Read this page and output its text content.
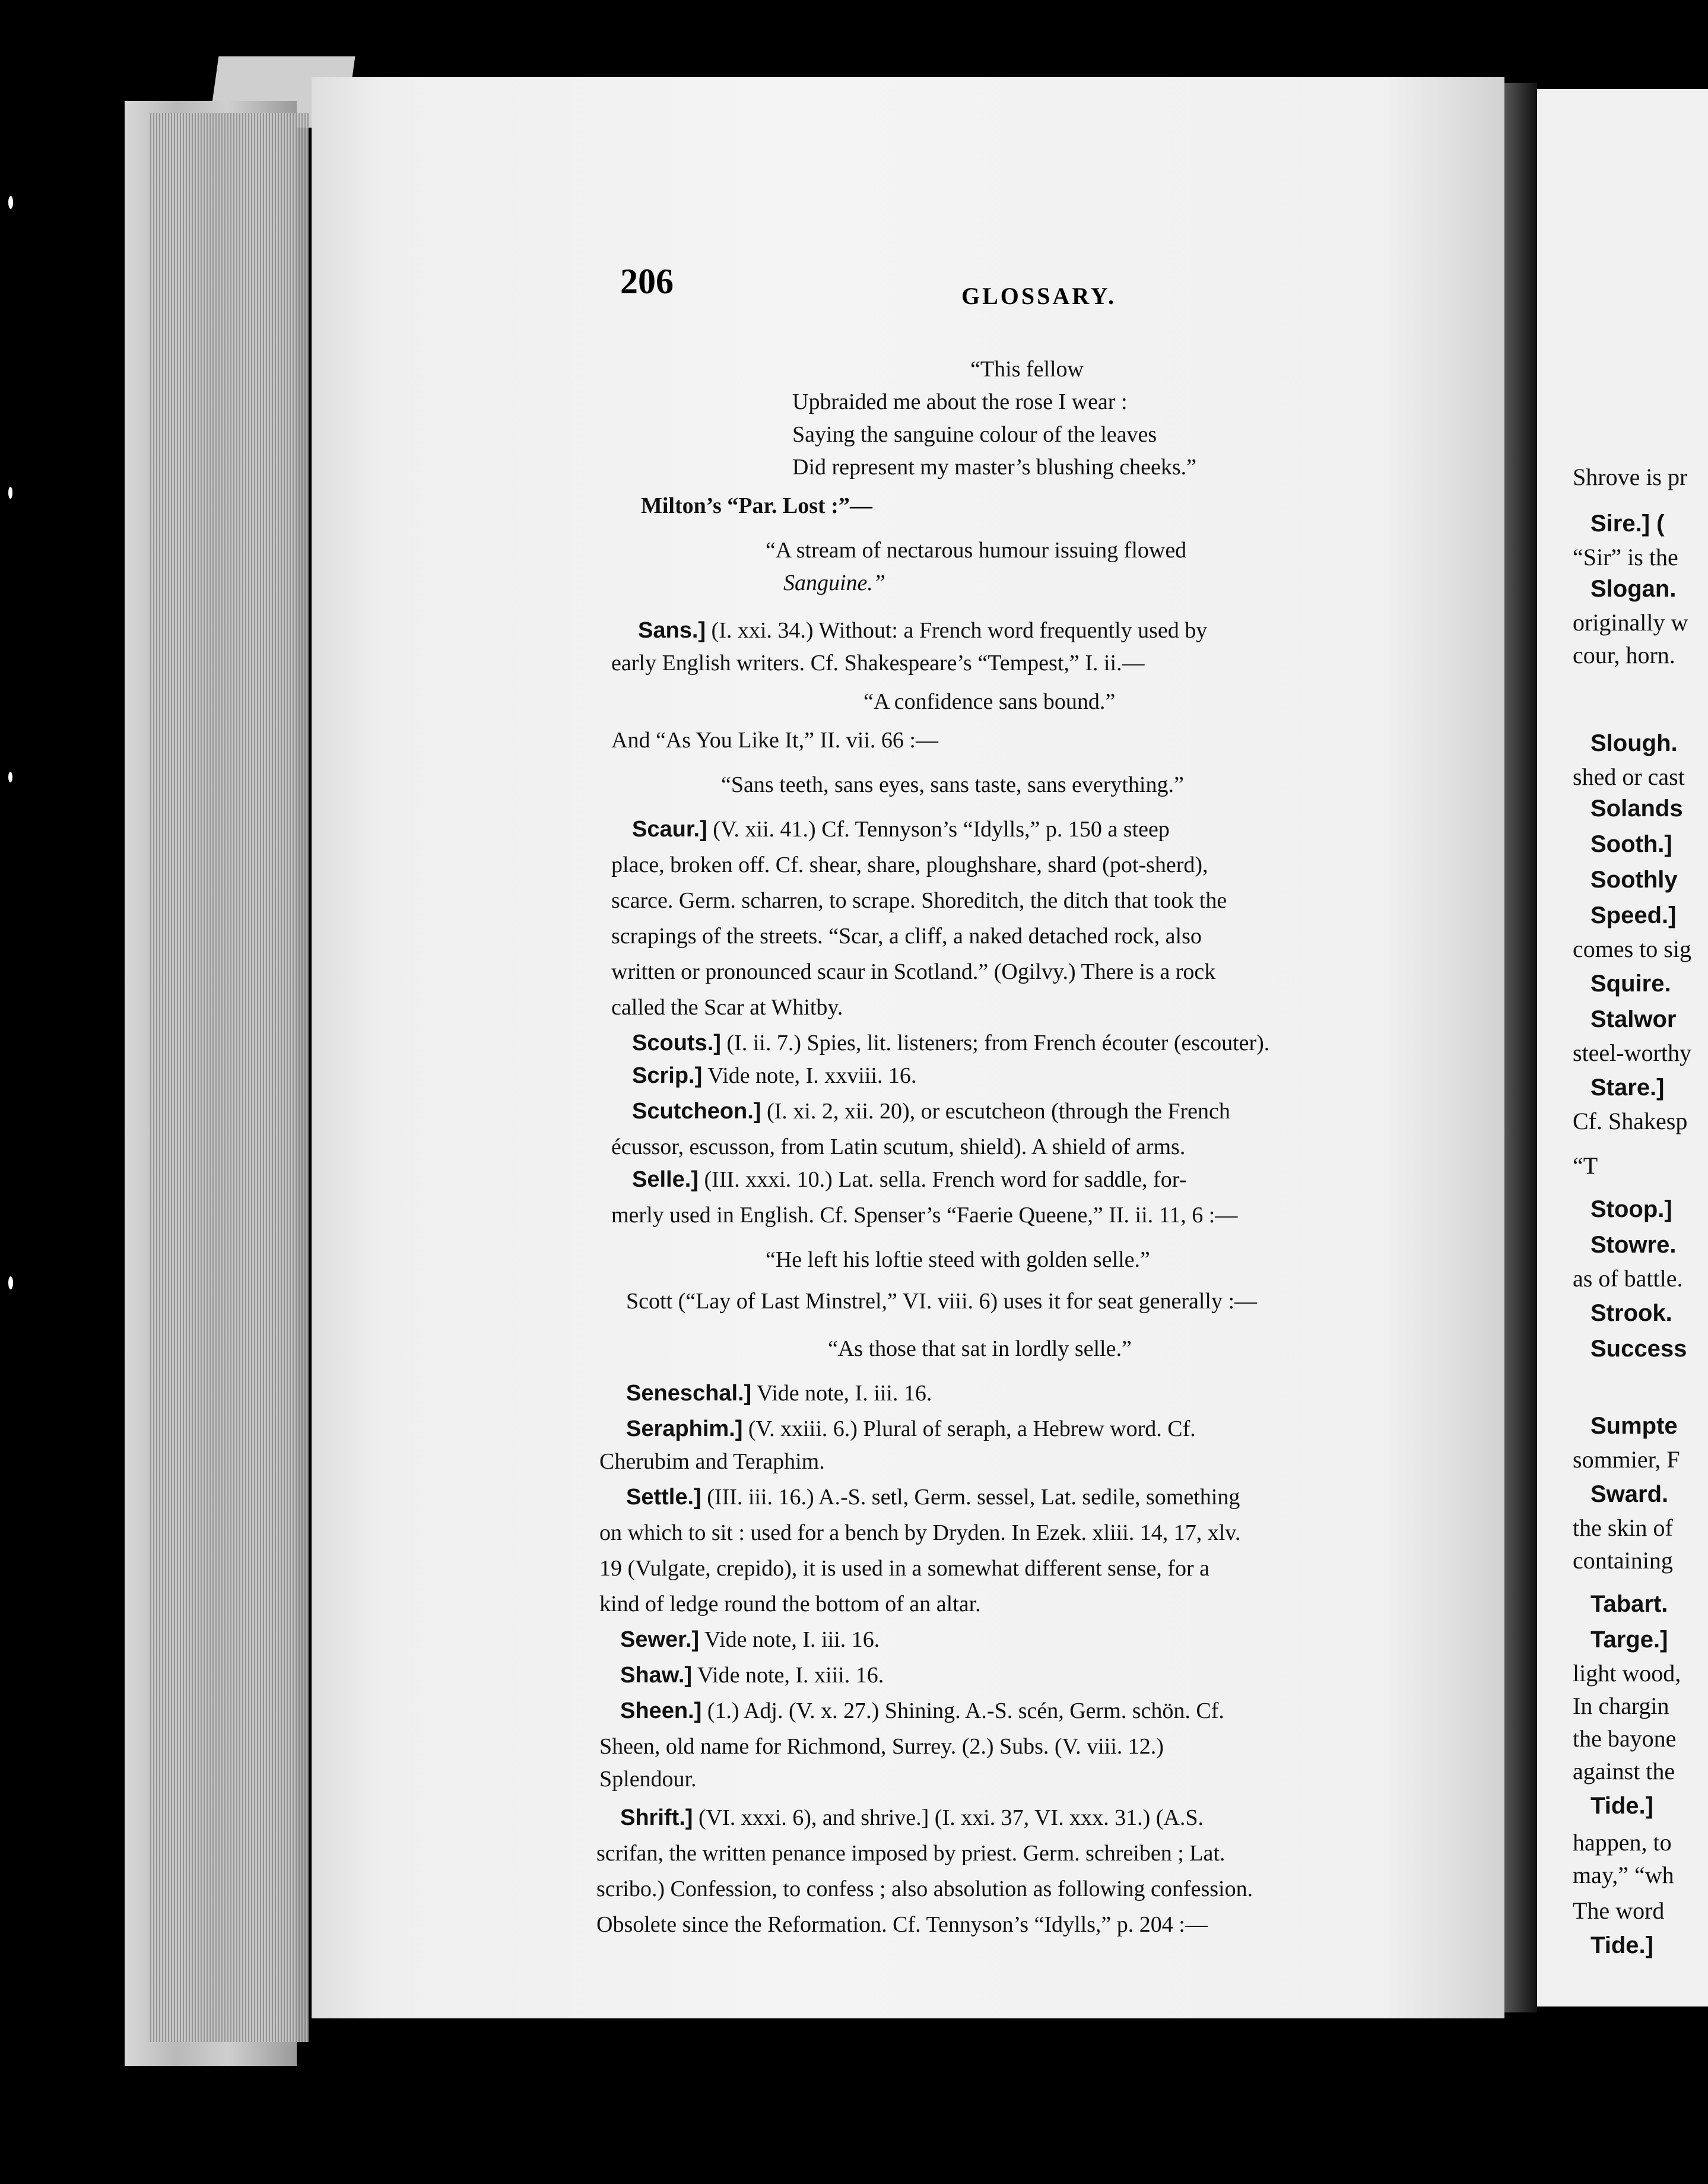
Shrove is pr
Sire.] (
“Sir” is the
Slogan.
originally w
cour, horn.
Slough.
shed or cast
Solands
Sooth.]
Soothly
Speed.]
comes to sig
Squire.
Stalwor
steel-worthy
Stare.]
Cf. Shakesp
“T
Stoop.]
Stowre.
as of battle.
Strook.
Success
Sumpte
sommier, F
Sward.
the skin of
containing
Tabart.
Targe.]
light wood,
In chargin
the bayone
against the
Tide.]
happen, to
may,” “wh
The word
Tide.]
206	GLOSSARY.
“This fellow
Upbraided me about the rose I wear :
Saying the sanguine colour of the leaves
Did represent my master’s blushing cheeks.”
Milton’s “Par. Lost :”—
“A stream of nectarous humour issuing flowed
Sanguine.”
Sans.] (I. xxi. 34.) Without: a French word frequently used by
early English writers. Cf. Shakespeare’s “Tempest,” I. ii.—
“A confidence sans bound.”
And “As You Like It,” II. vii. 66 :—
“Sans teeth, sans eyes, sans taste, sans everything.”
Scaur.] (V. xii. 41.) Cf. Tennyson’s “Idylls,” p. 150 a steep
place, broken off. Cf. shear, share, ploughshare, shard (pot-sherd),
scarce. Germ. scharren, to scrape. Shoreditch, the ditch that took the
scrapings of the streets. “Scar, a cliff, a naked detached rock, also
written or pronounced scaur in Scotland.” (Ogilvy.) There is a rock
called the Scar at Whitby.
Scouts.] (I. ii. 7.) Spies, lit. listeners; from French écouter (escouter).
Scrip.] Vide note, I. xxviii. 16.
Scutcheon.] (I. xi. 2, xii. 20), or escutcheon (through the French
écussor, escusson, from Latin scutum, shield). A shield of arms.
Selle.] (III. xxxi. 10.) Lat. sella. French word for saddle, for-
merly used in English. Cf. Spenser’s “Faerie Queene,” II. ii. 11, 6 :—
“He left his loftie steed with golden selle.”
Scott (“Lay of Last Minstrel,” VI. viii. 6) uses it for seat generally :—
“As those that sat in lordly selle.”
Seneschal.] Vide note, I. iii. 16.
Seraphim.] (V. xxiii. 6.) Plural of seraph, a Hebrew word. Cf.
Cherubim and Teraphim.
Settle.] (III. iii. 16.) A.-S. setl, Germ. sessel, Lat. sedile, something
on which to sit : used for a bench by Dryden. In Ezek. xliii. 14, 17, xlv.
19 (Vulgate, crepido), it is used in a somewhat different sense, for a
kind of ledge round the bottom of an altar.
Sewer.] Vide note, I. iii. 16.
Shaw.] Vide note, I. xiii. 16.
Sheen.] (1.) Adj. (V. x. 27.) Shining. A.-S. scén, Germ. schön. Cf.
Sheen, old name for Richmond, Surrey. (2.) Subs. (V. viii. 12.)
Splendour.
Shrift.] (VI. xxxi. 6), and shrive.] (I. xxi. 37, VI. xxx. 31.) (A.S.
scrifan, the written penance imposed by priest. Germ. schreiben ; Lat.
scribo.) Confession, to confess ; also absolution as following confession.
Obsolete since the Reformation. Cf. Tennyson’s “Idylls,” p. 204 :—
